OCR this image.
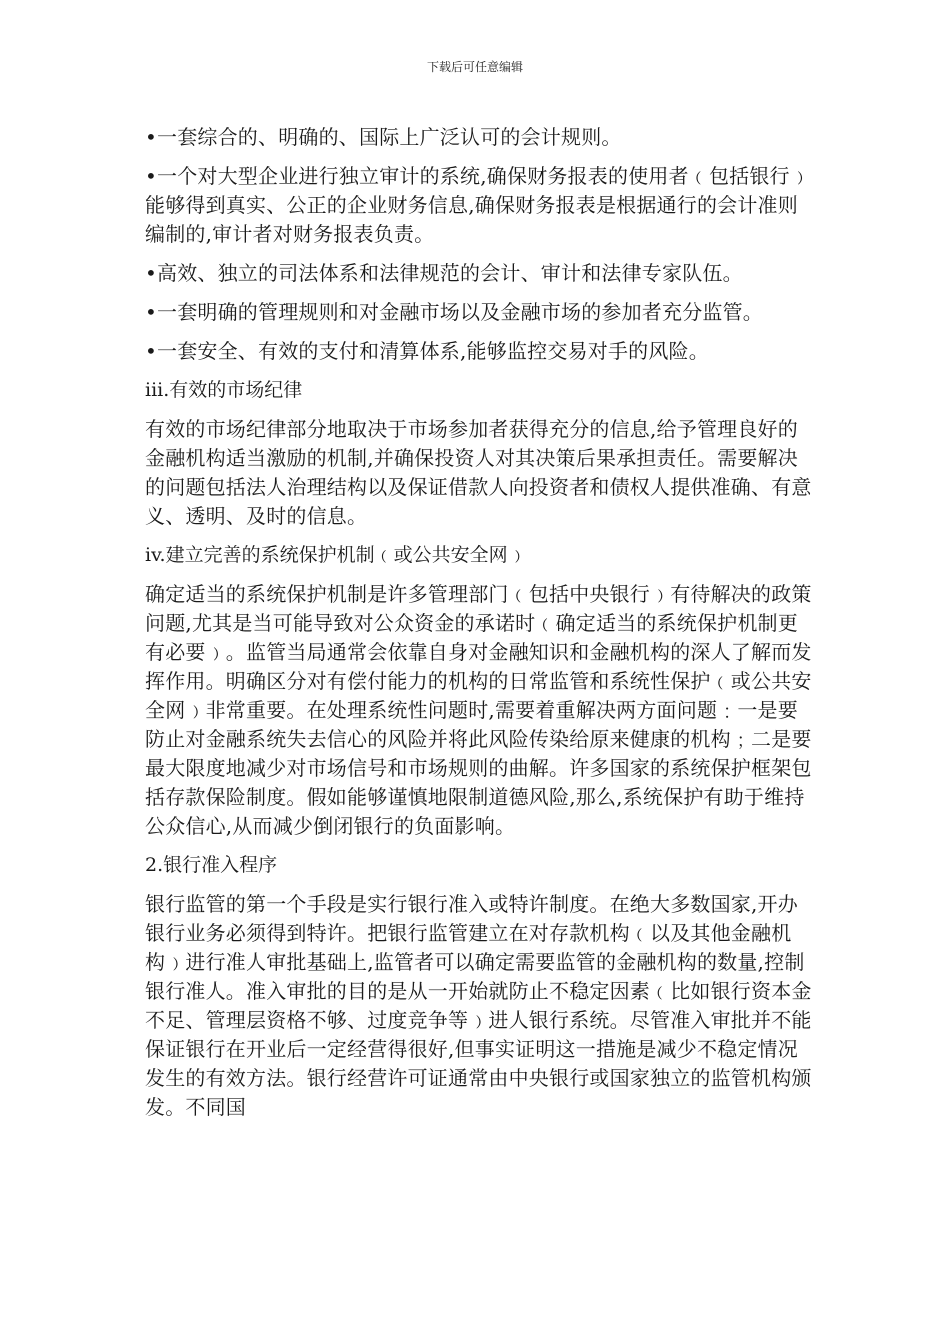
下载后可任意编辑

•一套综合的、明确的、国际上广泛认可的会计规则。

•一个对大型企业进行独立审计的系统,确保财务报表的使用者﹙包括银行﹚能够得到真实、公正的企业财务信息,确保财务报表是根据通行的会计准则编制的,审计者对财务报表负责。

•高效、独立的司法体系和法律规范的会计、审计和法律专家队伍。

•一套明确的管理规则和对金融市场以及金融市场的参加者充分监管。

•一套安全、有效的支付和清算体系,能够监控交易对手的风险。

iii.有效的市场纪律

有效的市场纪律部分地取决于市场参加者获得充分的信息,给予管理良好的金融机构适当激励的机制,并确保投资人对其决策后果承担责任。需要解决的问题包括法人治理结构以及保证借款人向投资者和债权人提供准确、有意义、透明、及时的信息。

iv.建立完善的系统保护机制﹙或公共安全网﹚

确定适当的系统保护机制是许多管理部门﹙包括中央银行﹚有待解决的政策问题,尤其是当可能导致对公众资金的承诺时﹙确定适当的系统保护机制更有必要﹚。监管当局通常会依靠自身对金融知识和金融机构的深人了解而发挥作用。明确区分对有偿付能力的机构的日常监管和系统性保护﹙或公共安全网﹚非常重要。在处理系统性问题时,需要着重解决两方面问题﹕一是要防止对金融系统失去信心的风险并将此风险传染给原来健康的机构﹔二是要最大限度地减少对市场信号和市场规则的曲解。许多国家的系统保护框架包括存款保险制度。假如能够谨慎地限制道德风险,那么,系统保护有助于维持公众信心,从而减少倒闭银行的负面影响。

2.银行准入程序

银行监管的第一个手段是实行银行准入或特许制度。在绝大多数国家,开办银行业务必须得到特许。把银行监管建立在对存款机构﹙以及其他金融机构﹚进行准人审批基础上,监管者可以确定需要监管的金融机构的数量,控制银行准人。准入审批的目的是从一开始就防止不稳定因素﹙比如银行资本金不足、管理层资格不够、过度竞争等﹚进人银行系统。尽管准入审批并不能保证银行在开业后一定经营得很好,但事实证明这一措施是减少不稳定情况发生的有效方法。银行经营许可证通常由中央银行或国家独立的监管机构颁发。不同国
